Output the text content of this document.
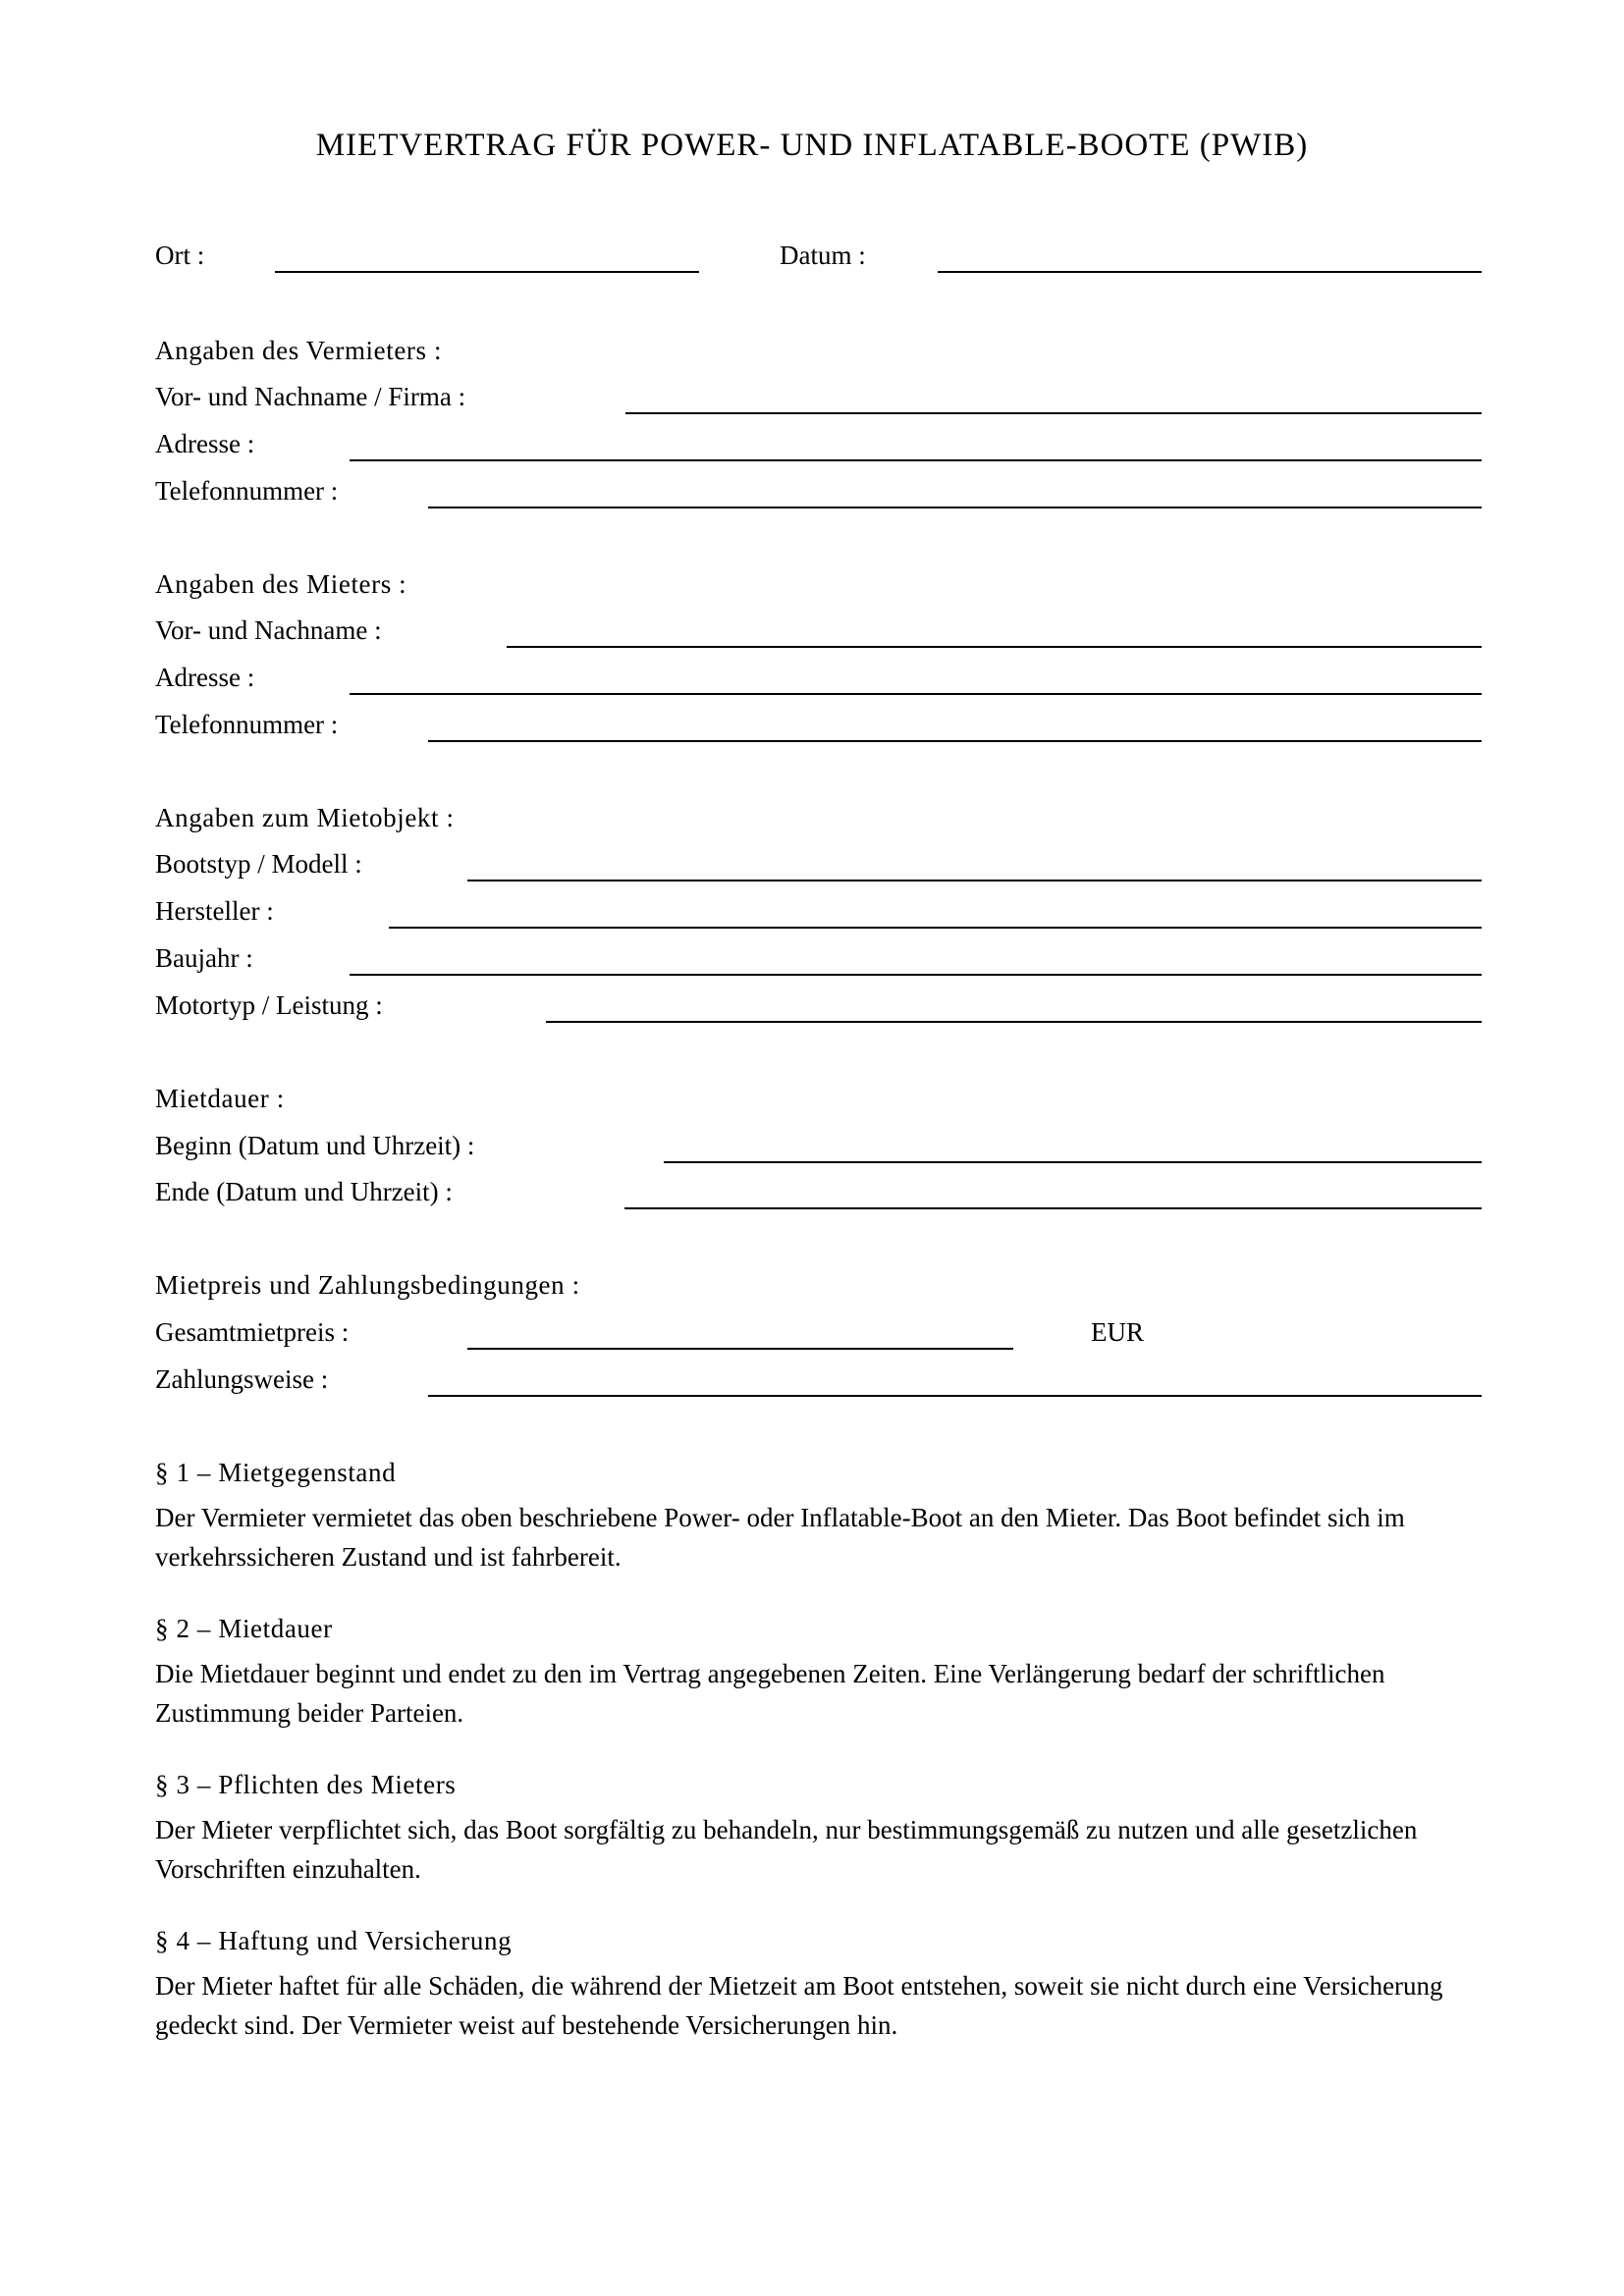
MIETVERTRAG FÜR POWER- UND INFLATABLE-BOOTE (PWIB)
Ort :	Datum :
Angaben des Vermieters :
Vor- und Nachname / Firma :
Adresse :
Telefonnummer :
Angaben des Mieters :
Vor- und Nachname :
Adresse :
Telefonnummer :
Angaben zum Mietobjekt :
Bootstyp / Modell :
Hersteller :
Baujahr :
Motortyp / Leistung :
Mietdauer :
Beginn (Datum und Uhrzeit) :
Ende (Datum und Uhrzeit) :
Mietpreis und Zahlungsbedingungen :
Gesamtmietpreis :	EUR
Zahlungsweise :
§ 1 – Mietgegenstand
Der Vermieter vermietet das oben beschriebene Power- oder Inflatable-Boot an den Mieter. Das Boot befindet sich im verkehrssicheren Zustand und ist fahrbereit.
§ 2 – Mietdauer
Die Mietdauer beginnt und endet zu den im Vertrag angegebenen Zeiten. Eine Verlängerung bedarf der schriftlichen Zustimmung beider Parteien.
§ 3 – Pflichten des Mieters
Der Mieter verpflichtet sich, das Boot sorgfältig zu behandeln, nur bestimmungsgemäß zu nutzen und alle gesetzlichen Vorschriften einzuhalten.
§ 4 – Haftung und Versicherung
Der Mieter haftet für alle Schäden, die während der Mietzeit am Boot entstehen, soweit sie nicht durch eine Versicherung gedeckt sind. Der Vermieter weist auf bestehende Versicherungen hin.
